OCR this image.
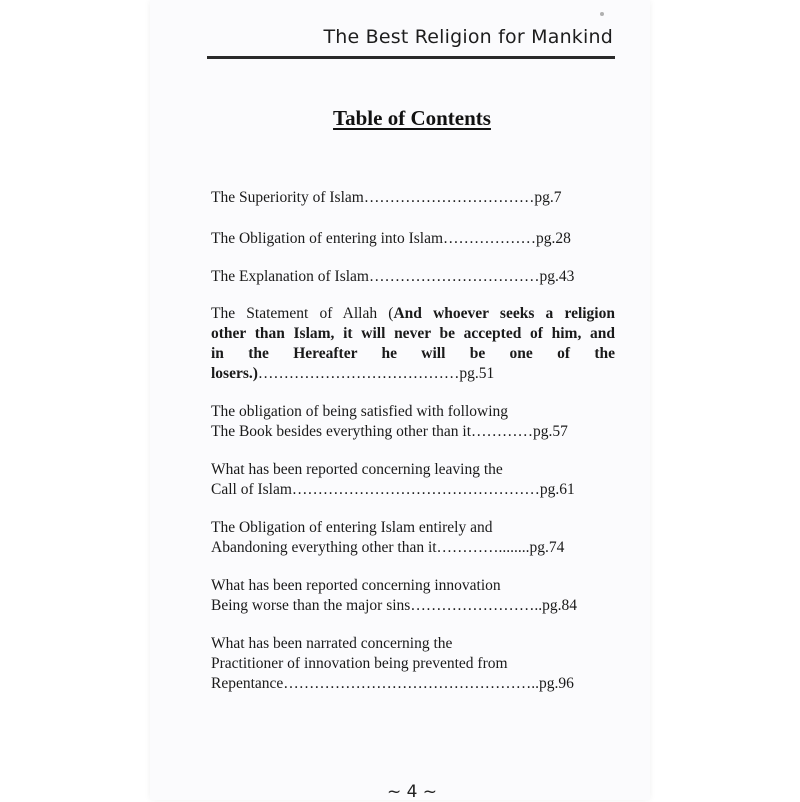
The Best Religion for Mankind
Table of Contents
The Superiority of Islam……………………………pg.7
The Obligation of entering into Islam………………pg.28
The Explanation of Islam……………………………pg.43
The Statement of Allah (And whoever seeks a religion
other than Islam, it will never be accepted of him, and
in the Hereafter he will be one of the
losers.)…………………………………pg.51
The obligation of being satisfied with following
The Book besides everything other than it…………pg.57
What has been reported concerning leaving the
Call of Islam…………………………………………pg.61
The Obligation of entering Islam entirely and
Abandoning everything other than it…………........pg.74
What has been reported concerning innovation
Being worse than the major sins……………………..pg.84
What has been narrated concerning the
Practitioner of innovation being prevented from
Repentance…………………………………………..pg.96
~ 4 ~
